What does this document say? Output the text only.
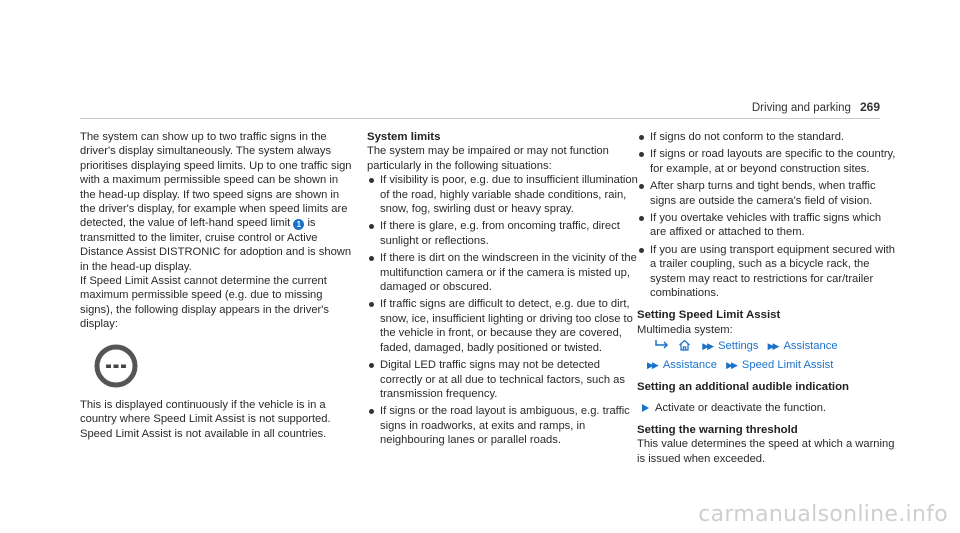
Driving and parking 269

The system can show up to two traffic signs in the driver's display simultaneously. The system always prioritises displaying speed limits. Up to one traffic sign with a maximum permissible speed can be shown in the head-up display. If two speed signs are shown in the driver's display, for example when speed limits are detected, the value of left-hand speed limit 1 is transmitted to the limiter, cruise control or Active Distance Assist DISTRONIC for adoption and is shown in the head-up display.

If Speed Limit Assist cannot determine the current maximum permissible speed (e.g. due to missing signs), the following display appears in the driver's display:

This is displayed continuously if the vehicle is in a country where Speed Limit Assist is not supported. Speed Limit Assist is not available in all countries.

System limits

The system may be impaired or may not function particularly in the following situations:

If visibility is poor, e.g. due to insufficient illumination of the road, highly variable shade conditions, rain, snow, fog, swirling dust or heavy spray.
If there is glare, e.g. from oncoming traffic, direct sunlight or reflections.
If there is dirt on the windscreen in the vicinity of the multifunction camera or if the camera is misted up, damaged or obscured.
If traffic signs are difficult to detect, e.g. due to dirt, snow, ice, insufficient lighting or driving too close to the vehicle in front, or because they are covered, faded, damaged, badly positioned or twisted.
Digital LED traffic signs may not be detected correctly or at all due to technical factors, such as transmission frequency.
If signs or the road layout is ambiguous, e.g. traffic signs in roadworks, at exits and ramps, in neighbouring lanes or parallel roads.
If signs do not conform to the standard.
If signs or road layouts are specific to the country, for example, at or beyond construction sites.
After sharp turns and tight bends, when traffic signs are outside the camera's field of vision.
If you overtake vehicles with traffic signs which are affixed or attached to them.
If you are using transport equipment secured with a trailer coupling, such as a bicycle rack, the system may react to restrictions for car/trailer combinations.
Setting Speed Limit Assist

Multimedia system:

▶▶ Settings ▶▶ Assistance
▶▶ Assistance ▶▶ Speed Limit Assist
Setting an additional audible indication
Activate or deactivate the function.
Setting the warning threshold

This value determines the speed at which a warning is issued when exceeded.

carmanualsonline.info
